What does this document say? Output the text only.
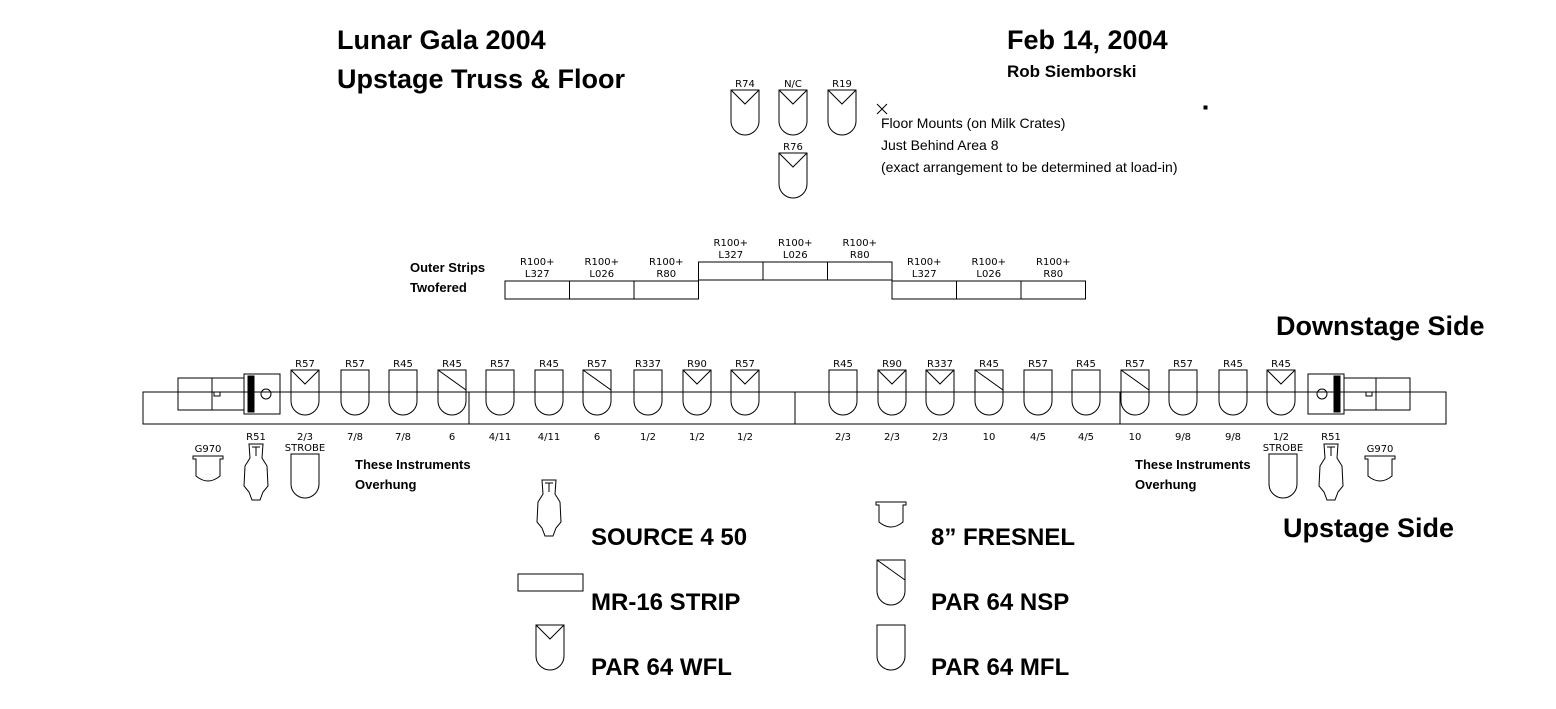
Lunar Gala 2004
Upstage Truss & Floor
Feb 14, 2004
Rob Siemborski
Floor Mounts (on Milk Crates)
Just Behind Area 8
(exact arrangement to be determined at load-in)
Outer Strips
Twofered
Downstage Side
Upstage Side
These Instruments
Overhung
These Instruments
Overhung
R74	N/C	R19
R76
R100+
L327
R100+
L026
R100+
R80
R100+
L327
R100+
L026
R100+
R80
R100+
L327
R100+
L026
R100+
R80
R57
2/3
R57
7/8
R45
7/8
R45
6
R57
4/11
R45
4/11
R57
6
R337
1/2
R90
1/2
R57
1/2
R45
2/3
R90
2/3
R337
2/3
R45
10
R57
4/5
R45
4/5
R57
10
R57
9/8
R45
9/8
R45
1/2
G970
R51
STROBE	STROBE
R51
G970
SOURCE 4 50
MR-16 STRIP
PAR 64 WFL
8” FRESNEL
PAR 64 NSP
PAR 64 MFL
